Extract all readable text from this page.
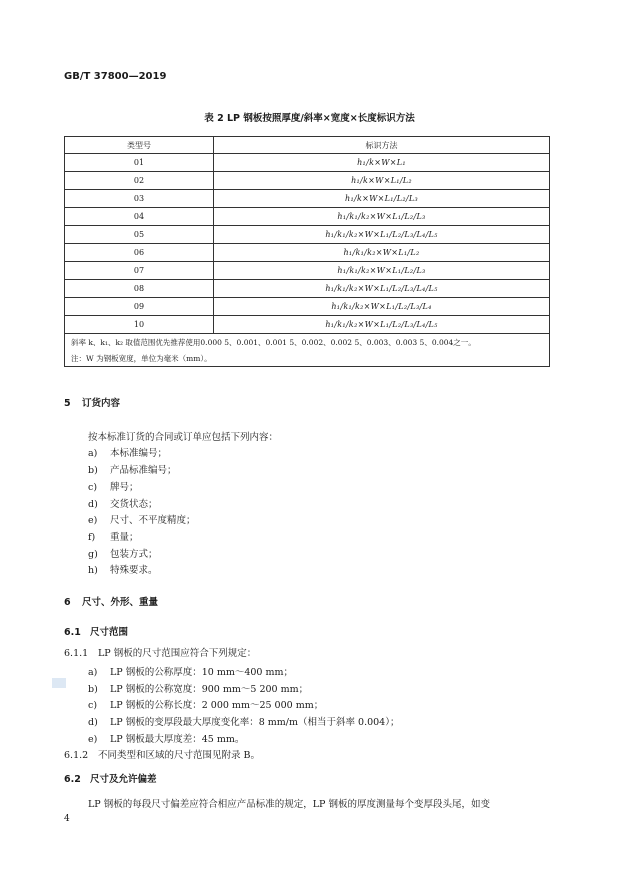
GB/T 37800—2019
表 2 LP 钢板按照厚度/斜率×宽度×长度标识方法
类型号	标识方法
01	h₁/k×W×L₁
02	h₁/k×W×L₁/L₂
03	h₁/k×W×L₁/L₂/L₃
04	h₁/k₁/k₂×W×L₁/L₂/L₃
05	h₁/k₁/k₂×W×L₁/L₂/L₃/L₄/L₅
06	h₁/k₁/k₂×W×L₁/L₂
07	h₁/k₁/k₂×W×L₁/L₂/L₃
08	h₁/k₁/k₂×W×L₁/L₂/L₃/L₄/L₅
09	h₁/k₁/k₂×W×L₁/L₂/L₃/L₄
10	h₁/k₁/k₂×W×L₁/L₂/L₃/L₄/L₅
斜率 k、k₁、k₂ 取值范围优先推荐使用0.000 5、0.001、0.001 5、0.002、0.002 5、0.003、0.003 5、0.004之一。	
注：W 为钢板宽度，单位为毫米（mm）。	
5 订货内容
按本标准订货的合同或订单应包括下列内容：
a) 本标准编号；
b) 产品标准编号；
c) 牌号；
d) 交货状态；
e) 尺寸、不平度精度；
f) 重量；
g) 包装方式；
h) 特殊要求。
6 尺寸、外形、重量
6.1 尺寸范围
6.1.1 LP 钢板的尺寸范围应符合下列规定：
a) LP 钢板的公称厚度：10 mm～400 mm；
b) LP 钢板的公称宽度：900 mm～5 200 mm；
c) LP 钢板的公称长度：2 000 mm～25 000 mm；
d) LP 钢板的变厚段最大厚度变化率：8 mm/m（相当于斜率 0.004）；
e) LP 钢板最大厚度差：45 mm。
6.1.2 不同类型和区域的尺寸范围见附录 B。
6.2 尺寸及允许偏差
LP 钢板的每段尺寸偏差应符合相应产品标准的规定，LP 钢板的厚度测量每个变厚段头尾，如变
4
